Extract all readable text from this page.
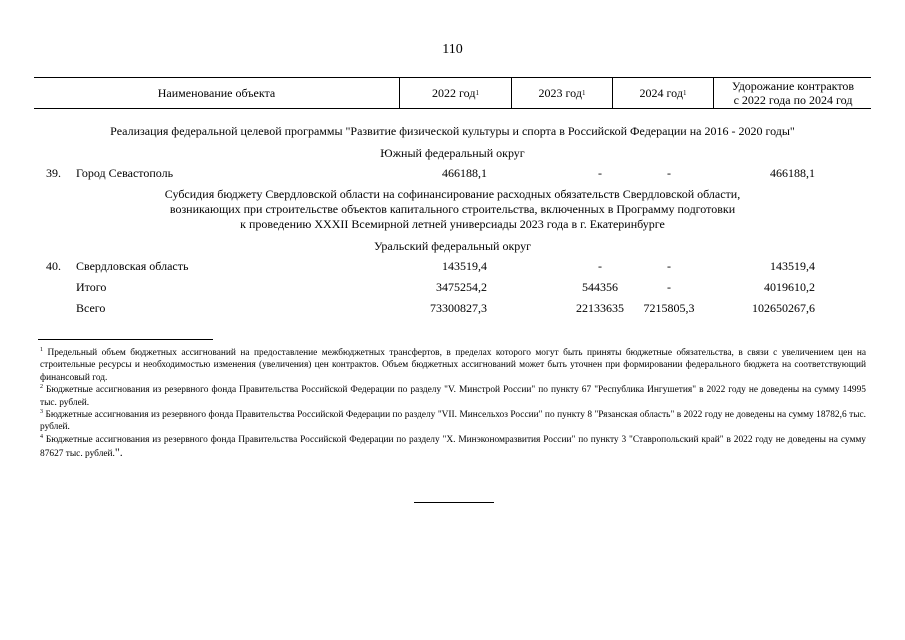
110
Наименование объекта	2022 год 1	2023 год 1	2024 год 1	Удорожание контрактов
с 2022 года по 2024 год
Реализация федеральной целевой программы "Развитие физической культуры и спорта в Российской Федерации на 2016 - 2020 годы"
Южный федеральный округ
39. Город Севастополь	466188,1	-	-	466188,1
Субсидия бюджету Свердловской области на софинансирование расходных обязательств Свердловской области,
возникающих при строительстве объектов капитального строительства, включенных в Программу подготовки
к проведению XXXII Всемирной летней универсиады 2023 года в г. Екатеринбурге
Уральский федеральный округ
40. Свердловская область	143519,4	-	-	143519,4
Итого	3475254,2	544356	-	4019610,2
Всего	73300827,3	22133635	7215805,3	102650267,6

$^1$ Предельный объем бюджетных ассигнований на предоставление межбюджетных трансфертов, в пределах которого могут быть приняты бюджетные обязательства, в связи с увеличением цен на строительные ресурсы и необходимостью изменения (увеличения) цен контрактов. Объем бюджетных ассигнований может быть уточнен при формировании федерального бюджета на соответствующий финансовый год.

$^2$ Бюджетные ассигнования из резервного фонда Правительства Российской Федерации по разделу "V. Минстрой России" по пункту 67 "Республика Ингушетия" в 2022 году не доведены на сумму 14995 тыс. рублей.

$^3$ Бюджетные ассигнования из резервного фонда Правительства Российской Федерации по разделу "VII. Минсельхоз России" по пункту 8 "Рязанская область" в 2022 году не доведены на сумму 18782,6 тыс. рублей.

$^4$ Бюджетные ассигнования из резервного фонда Правительства Российской Федерации по разделу "X. Минэкономразвития России" по пункту 3 "Ставропольский край" в 2022 году не доведены на сумму 87627 тыс. рублей.".
